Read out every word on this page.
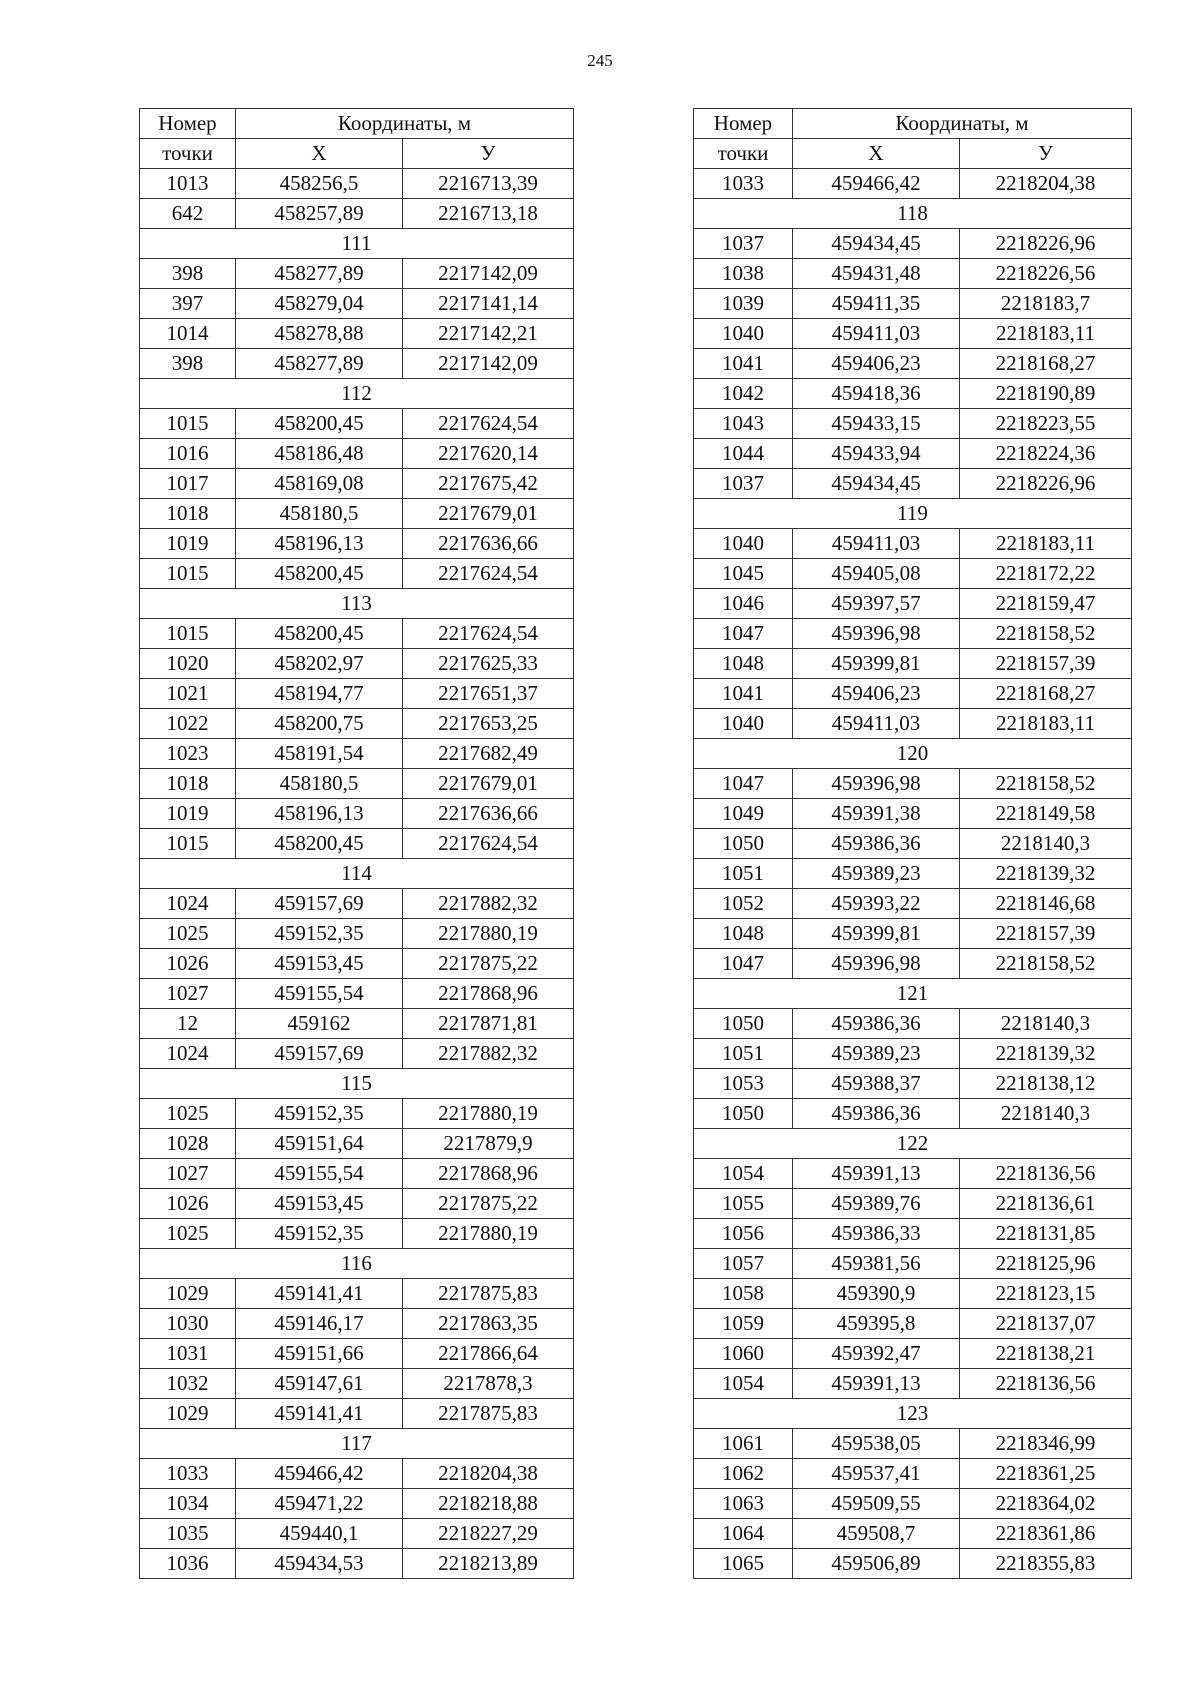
245
Номер	Координаты, м	
точки	X	У
1013	458256,5	2216713,39
642	458257,89	2216713,18
111		
398	458277,89	2217142,09
397	458279,04	2217141,14
1014	458278,88	2217142,21
398	458277,89	2217142,09
112		
1015	458200,45	2217624,54
1016	458186,48	2217620,14
1017	458169,08	2217675,42
1018	458180,5	2217679,01
1019	458196,13	2217636,66
1015	458200,45	2217624,54
113		
1015	458200,45	2217624,54
1020	458202,97	2217625,33
1021	458194,77	2217651,37
1022	458200,75	2217653,25
1023	458191,54	2217682,49
1018	458180,5	2217679,01
1019	458196,13	2217636,66
1015	458200,45	2217624,54
114		
1024	459157,69	2217882,32
1025	459152,35	2217880,19
1026	459153,45	2217875,22
1027	459155,54	2217868,96
12	459162	2217871,81
1024	459157,69	2217882,32
115		
1025	459152,35	2217880,19
1028	459151,64	2217879,9
1027	459155,54	2217868,96
1026	459153,45	2217875,22
1025	459152,35	2217880,19
116		
1029	459141,41	2217875,83
1030	459146,17	2217863,35
1031	459151,66	2217866,64
1032	459147,61	2217878,3
1029	459141,41	2217875,83
117		
1033	459466,42	2218204,38
1034	459471,22	2218218,88
1035	459440,1	2218227,29
1036	459434,53	2218213,89
Номер	Координаты, м	
точки	X	У
1033	459466,42	2218204,38
118		
1037	459434,45	2218226,96
1038	459431,48	2218226,56
1039	459411,35	2218183,7
1040	459411,03	2218183,11
1041	459406,23	2218168,27
1042	459418,36	2218190,89
1043	459433,15	2218223,55
1044	459433,94	2218224,36
1037	459434,45	2218226,96
119		
1040	459411,03	2218183,11
1045	459405,08	2218172,22
1046	459397,57	2218159,47
1047	459396,98	2218158,52
1048	459399,81	2218157,39
1041	459406,23	2218168,27
1040	459411,03	2218183,11
120		
1047	459396,98	2218158,52
1049	459391,38	2218149,58
1050	459386,36	2218140,3
1051	459389,23	2218139,32
1052	459393,22	2218146,68
1048	459399,81	2218157,39
1047	459396,98	2218158,52
121		
1050	459386,36	2218140,3
1051	459389,23	2218139,32
1053	459388,37	2218138,12
1050	459386,36	2218140,3
122		
1054	459391,13	2218136,56
1055	459389,76	2218136,61
1056	459386,33	2218131,85
1057	459381,56	2218125,96
1058	459390,9	2218123,15
1059	459395,8	2218137,07
1060	459392,47	2218138,21
1054	459391,13	2218136,56
123		
1061	459538,05	2218346,99
1062	459537,41	2218361,25
1063	459509,55	2218364,02
1064	459508,7	2218361,86
1065	459506,89	2218355,83
